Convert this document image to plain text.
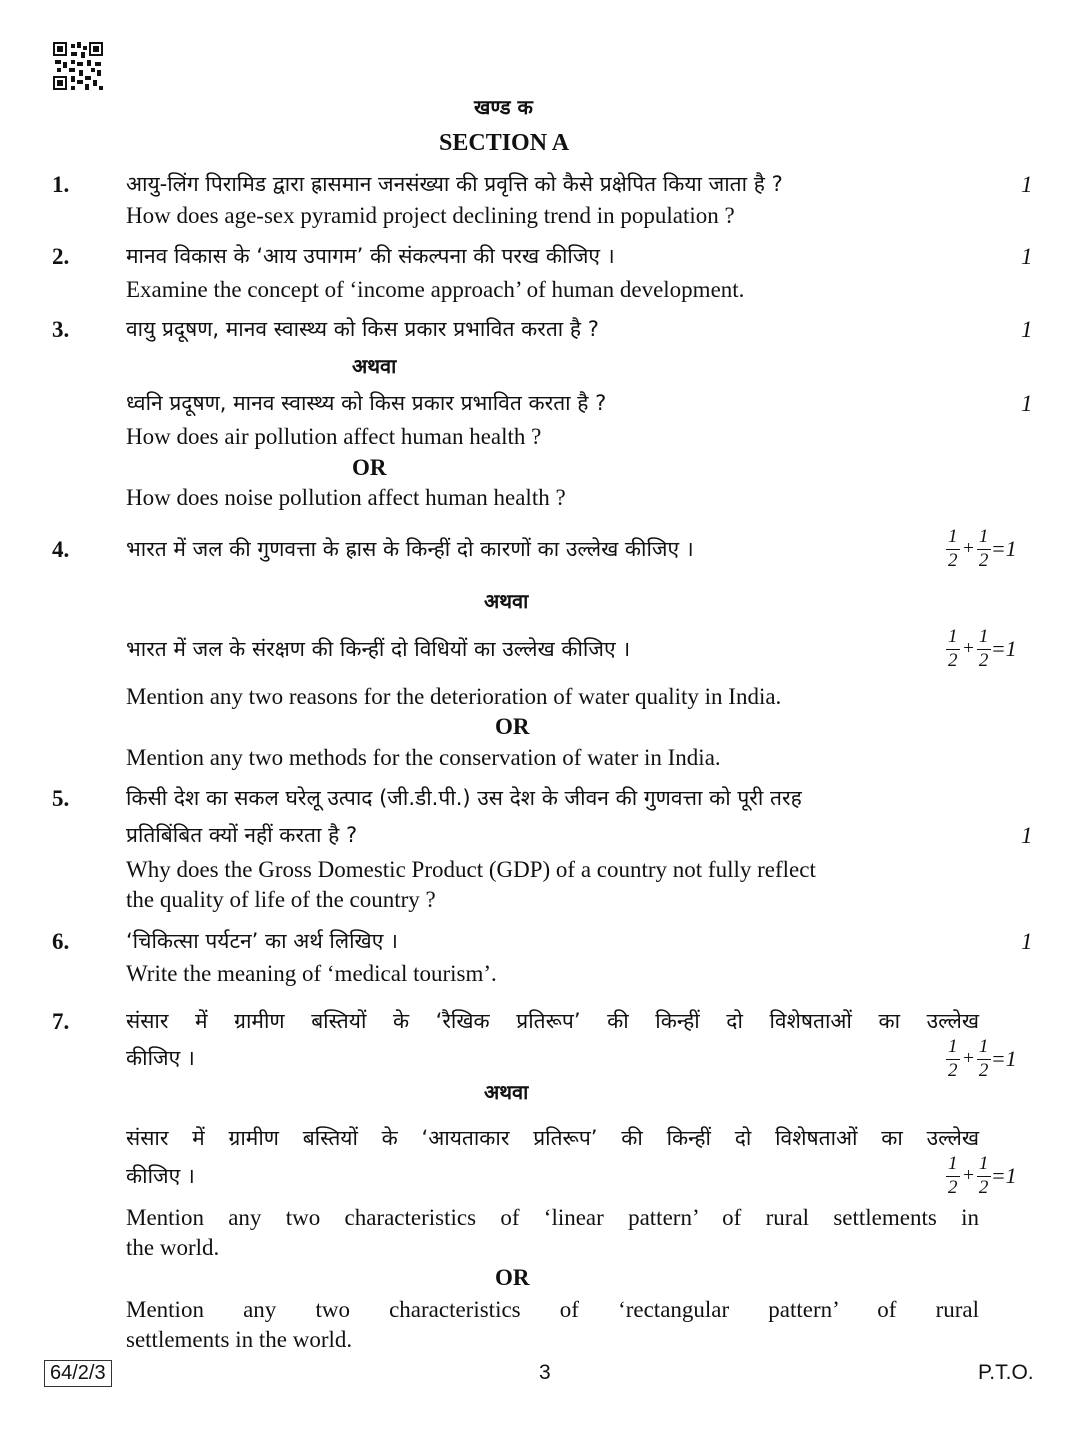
खण्ड क
SECTION A
1.	आयु-लिंग पिरामिड द्वारा ह्रासमान जनसंख्या की प्रवृत्ति को कैसे प्रक्षेपित किया जाता है ?	1
How does age-sex pyramid project declining trend in population ?
2.	मानव विकास के ‘आय उपागम’ की संकल्पना की परख कीजिए ।	1
Examine the concept of ‘income approach’ of human development.
3.	वायु प्रदूषण, मानव स्वास्थ्य को किस प्रकार प्रभावित करता है ?	1
अथवा
ध्वनि प्रदूषण, मानव स्वास्थ्य को किस प्रकार प्रभावित करता है ?	1
How does air pollution affect human health ?
OR
How does noise pollution affect human health ?
4.	भारत में जल की गुणवत्ता के ह्रास के किन्हीं दो कारणों का उल्लेख कीजिए ।	$\frac{1}{2} + \frac{1}{2} =1$
अथवा
भारत में जल के संरक्षण की किन्हीं दो विधियों का उल्लेख कीजिए ।	$\frac{1}{2} + \frac{1}{2} =1$
Mention any two reasons for the deterioration of water quality in India.
OR
Mention any two methods for the conservation of water in India.
5.	किसी देश का सकल घरेलू उत्पाद (जी.डी.पी.) उस देश के जीवन की गुणवत्ता को पूरी तरह
प्रतिबिंबित क्यों नहीं करता है ?	1
Why does the Gross Domestic Product (GDP) of a country not fully reflect
the quality of life of the country ?
6.	‘चिकित्सा पर्यटन’ का अर्थ लिखिए ।	1
Write the meaning of ‘medical tourism’.
7.	संसार में ग्रामीण बस्तियों के ‘रैखिक प्रतिरूप’ की किन्हीं दो विशेषताओं का उल्लेख
कीजिए ।	$\frac{1}{2} + \frac{1}{2} =1$
अथवा
संसार में ग्रामीण बस्तियों के ‘आयताकार प्रतिरूप’ की किन्हीं दो विशेषताओं का उल्लेख
कीजिए ।	$\frac{1}{2} + \frac{1}{2} =1$
Mention any two characteristics of ‘linear pattern’ of rural settlements in
the world.
OR
Mention any two characteristics of ‘rectangular pattern’ of rural
settlements in the world.
64/2/3	3	P.T.O.
